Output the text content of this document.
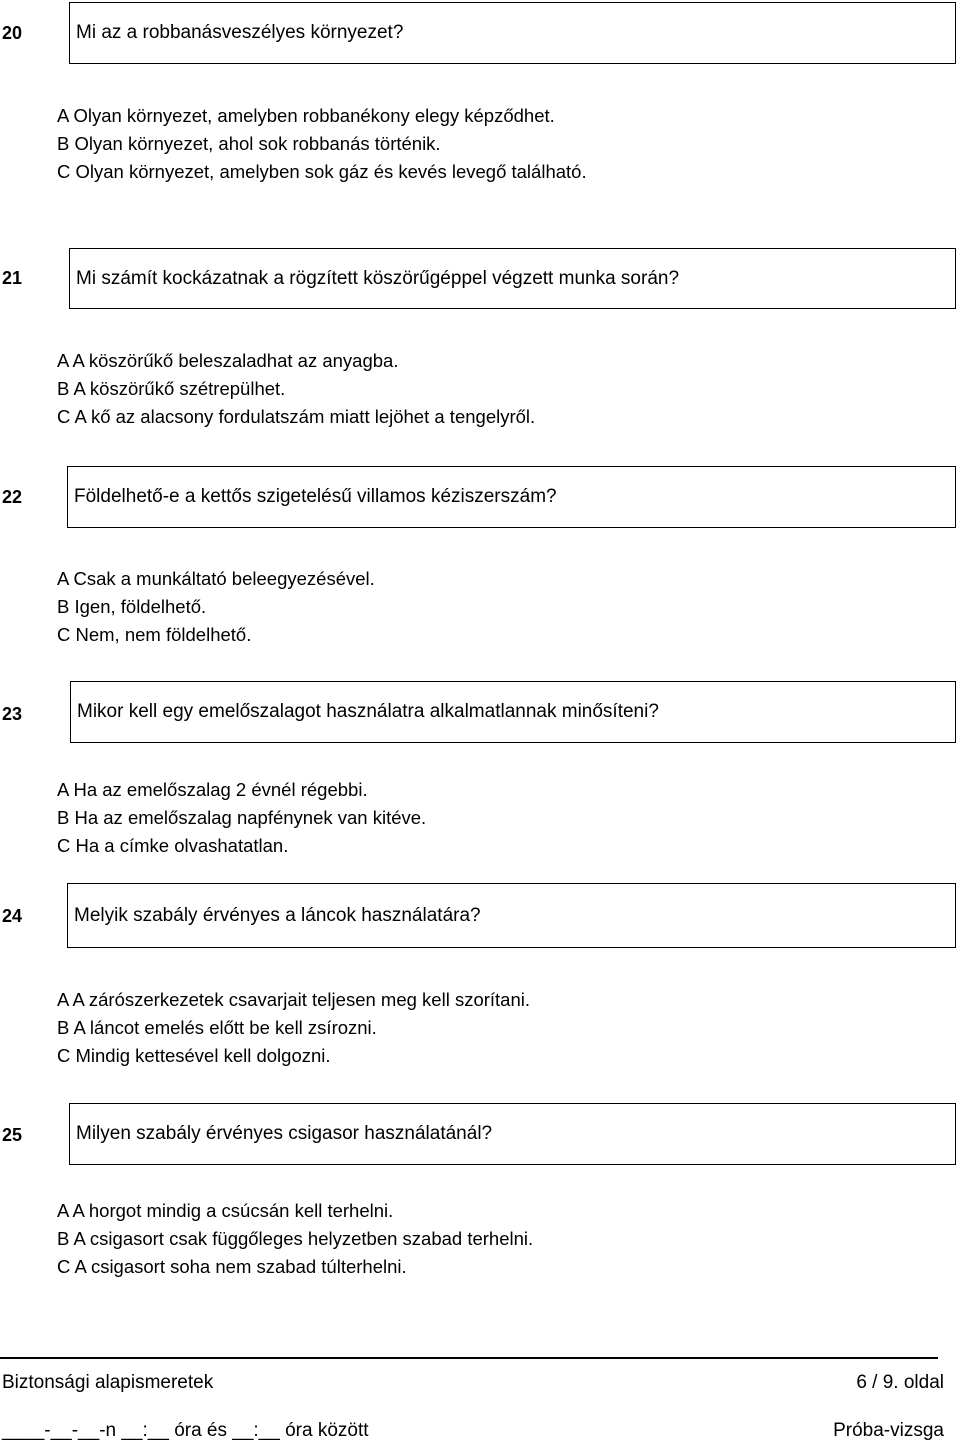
20	Mi az a robbanásveszélyes környezet?
A Olyan környezet, amelyben robbanékony elegy képződhet.
B Olyan környezet, ahol sok robbanás történik.
C Olyan környezet, amelyben sok gáz és kevés levegő található.
21	Mi számít kockázatnak a rögzített köszörűgéppel végzett munka során?
A A köszörűkő beleszaladhat az anyagba.
B A köszörűkő szétrepülhet.
C A kő az alacsony fordulatszám miatt lejöhet a tengelyről.
22	Földelhető-e a kettős szigetelésű villamos kéziszerszám?
A Csak a munkáltató beleegyezésével.
B Igen, földelhető.
C Nem, nem földelhető.
23	Mikor kell egy emelőszalagot használatra alkalmatlannak minősíteni?
A Ha az emelőszalag 2 évnél régebbi.
B Ha az emelőszalag napfénynek van kitéve.
C Ha a címke olvashatatlan.
24	Melyik szabály érvényes a láncok használatára?
A A zárószerkezetek csavarjait teljesen meg kell szorítani.
B A láncot emelés előtt be kell zsírozni.
C Mindig kettesével kell dolgozni.
25	Milyen szabály érvényes csigasor használatánál?
A A horgot mindig a csúcsán kell terhelni.
B A csigasort csak függőleges helyzetben szabad terhelni.
C A csigasort soha nem szabad túlterhelni.
Biztonsági alapismeretek	6 / 9. oldal
____-__-__-n __:__ óra és __:__ óra között	Próba-vizsga
